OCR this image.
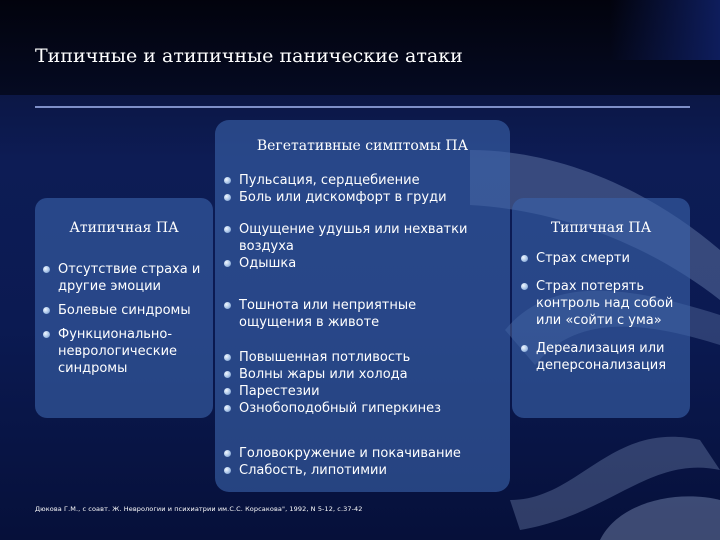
Типичные и атипичные панические атаки
Вегетативные симптомы ПА
Пульсация, сердцебиение
Боль или дискомфорт в груди
Ощущение удушья или нехватки воздуха
Одышка
Тошнота или неприятные ощущения в животе
Повышенная потливость
Волны жары или холода
Парестезии
Ознобоподобный гиперкинез
Головокружение и покачивание
Слабость, липотимии
Атипичная ПА
Отсутствие страха и другие эмоции
Болевые синдромы
Функционально-неврологические синдромы
Типичная ПА
Страх смерти
Страх потерять контроль над собой или «сойти с ума»
Дереализация или деперсонализация

Дюкова Г.М., с соавт. Ж. Неврологии и психиатрии им.С.С. Корсакова", 1992, N 5-12, с.37-42
